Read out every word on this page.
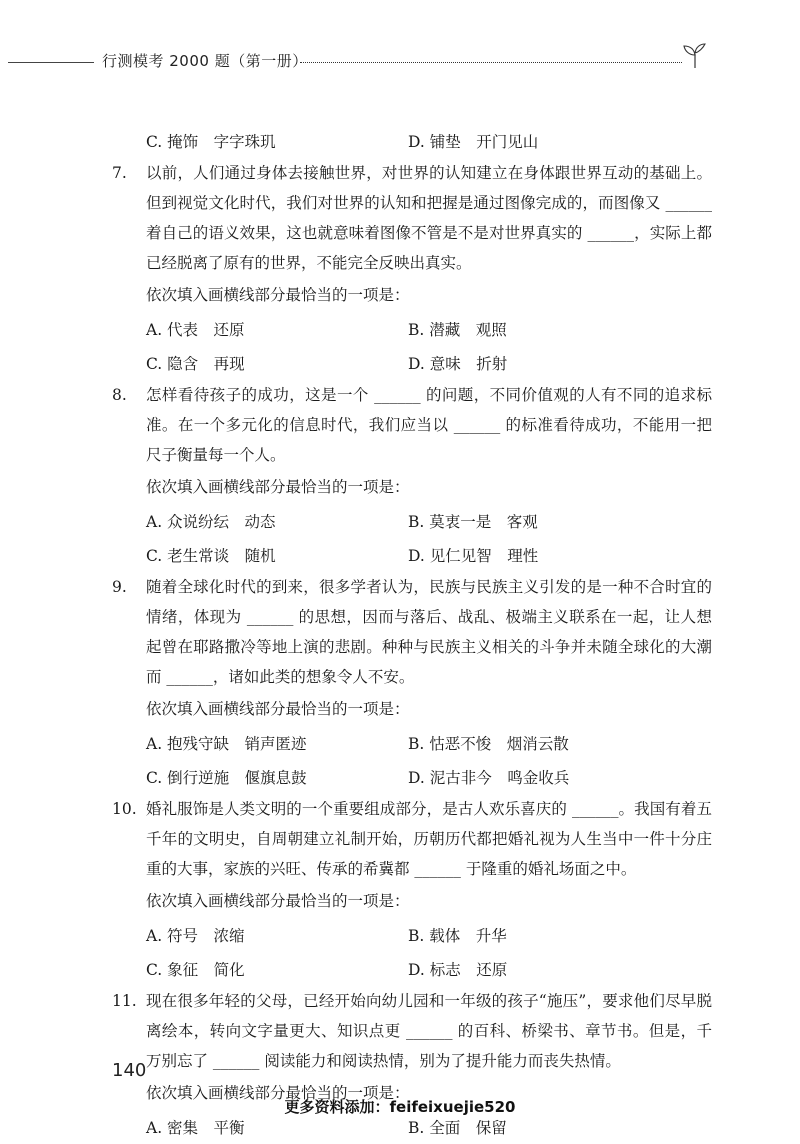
行测模考 2000 题（第一册）
C. 掩饰　字字珠玑	D. 铺垫　开门见山
7.	以前，人们通过身体去接触世界，对世界的认知建立在身体跟世界互动的基础上。但到视觉文化时代，我们对世界的认知和把握是通过图像完成的，而图像又 ______ 着自己的语义效果，这也就意味着图像不管是不是对世界真实的 ______，实际上都已经脱离了原有的世界，不能完全反映出真实。
依次填入画横线部分最恰当的一项是：
A. 代表　还原	B. 潜藏　观照
C. 隐含　再现	D. 意味　折射
8.	怎样看待孩子的成功，这是一个 ______ 的问题，不同价值观的人有不同的追求标准。在一个多元化的信息时代，我们应当以 ______ 的标准看待成功，不能用一把尺子衡量每一个人。
依次填入画横线部分最恰当的一项是：
A. 众说纷纭　动态	B. 莫衷一是　客观
C. 老生常谈　随机	D. 见仁见智　理性
9.	随着全球化时代的到来，很多学者认为，民族与民族主义引发的是一种不合时宜的情绪，体现为 ______ 的思想，因而与落后、战乱、极端主义联系在一起，让人想起曾在耶路撒冷等地上演的悲剧。种种与民族主义相关的斗争并未随全球化的大潮而 ______，诸如此类的想象令人不安。
依次填入画横线部分最恰当的一项是：
A. 抱残守缺　销声匿迹	B. 怙恶不悛　烟消云散
C. 倒行逆施　偃旗息鼓	D. 泥古非今　鸣金收兵
10. 婚礼服饰是人类文明的一个重要组成部分，是古人欢乐喜庆的 ______。我国有着五千年的文明史，自周朝建立礼制开始，历朝历代都把婚礼视为人生当中一件十分庄重的大事，家族的兴旺、传承的希冀都 ______ 于隆重的婚礼场面之中。
依次填入画横线部分最恰当的一项是：
A. 符号　浓缩	B. 载体　升华
C. 象征　简化	D. 标志　还原
11. 现在很多年轻的父母，已经开始向幼儿园和一年级的孩子“施压”，要求他们尽早脱离绘本，转向文字量更大、知识点更 ______ 的百科、桥梁书、章节书。但是，千万别忘了 ______ 阅读能力和阅读热情，别为了提升能力而丧失热情。
依次填入画横线部分最恰当的一项是：
A. 密集　平衡	B. 全面　保留
140
更多资料添加：feifeixuejie520
